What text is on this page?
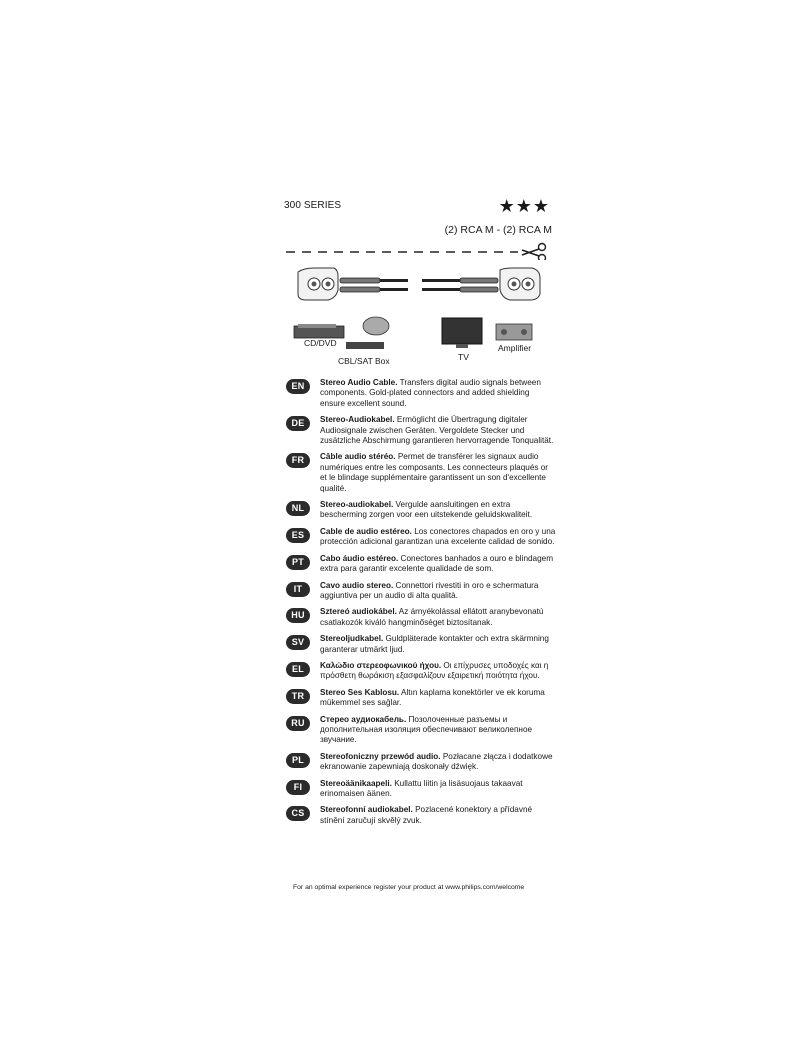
300 SERIES	★★★
(2) RCA M - (2) RCA M
CD/DVD
CBL/SAT Box	TV
Amplifier
EN	Stereo Audio Cable. Transfers digital audio signals between components. Gold-plated connectors and added shielding ensure excellent sound.
DE	Stereo-Audiokabel. Ermöglicht die Übertragung digitaler Audiosignale zwischen Geräten. Vergoldete Stecker und zusätzliche Abschirmung garantieren hervorragende Tonqualität.
FR	Câble audio stéréo. Permet de transférer les signaux audio numériques entre les composants. Les connecteurs plaqués or et le blindage supplémentaire garantissent un son d'excellente qualité.
NL	Stereo-audiokabel. Vergulde aansluitingen en extra bescherming zorgen voor een uitstekende geluidskwaliteit.
ES	Cable de audio estéreo. Los conectores chapados en oro y una protección adicional garantizan una excelente calidad de sonido.
PT	Cabo áudio estéreo. Conectores banhados a ouro e blindagem extra para garantir excelente qualidade de som.
IT	Cavo audio stereo. Connettori rivestiti in oro e schermatura aggiuntiva per un audio di alta qualità.
HU	Sztereó audiokábel. Az árnyékolással ellátott aranybevonatú csatlakozók kiváló hangminőséget biztosítanak.
SV	Stereoljudkabel. Guldpläterade kontakter och extra skärmning garanterar utmärkt ljud.
EL	Καλώδιο στερεοφωνικού ήχου. Οι επίχρυσες υποδοχές και η πρόσθετη θωράκιση εξασφαλίζουν εξαιρετική ποιότητα ήχου.
TR	Stereo Ses Kablosu. Altın kaplama konektörler ve ek koruma mükemmel ses sağlar.
RU	Стерео аудиокабель. Позолоченные разъемы и дополнительная изоляция обеспечивают великолепное звучание.
PL	Stereofoniczny przewód audio. Pozłacane złącza i dodatkowe ekranowanie zapewniają doskonały dźwięk.
FI	Stereoäänikaapeli. Kullattu liitin ja lisäsuojaus takaavat erinomaisen äänen.
CS	Stereofonní audiokabel. Pozlacené konektory a přídavné stínění zaručují skvělý zvuk.
For an optimal experience register your product at www.philips.com/welcome
